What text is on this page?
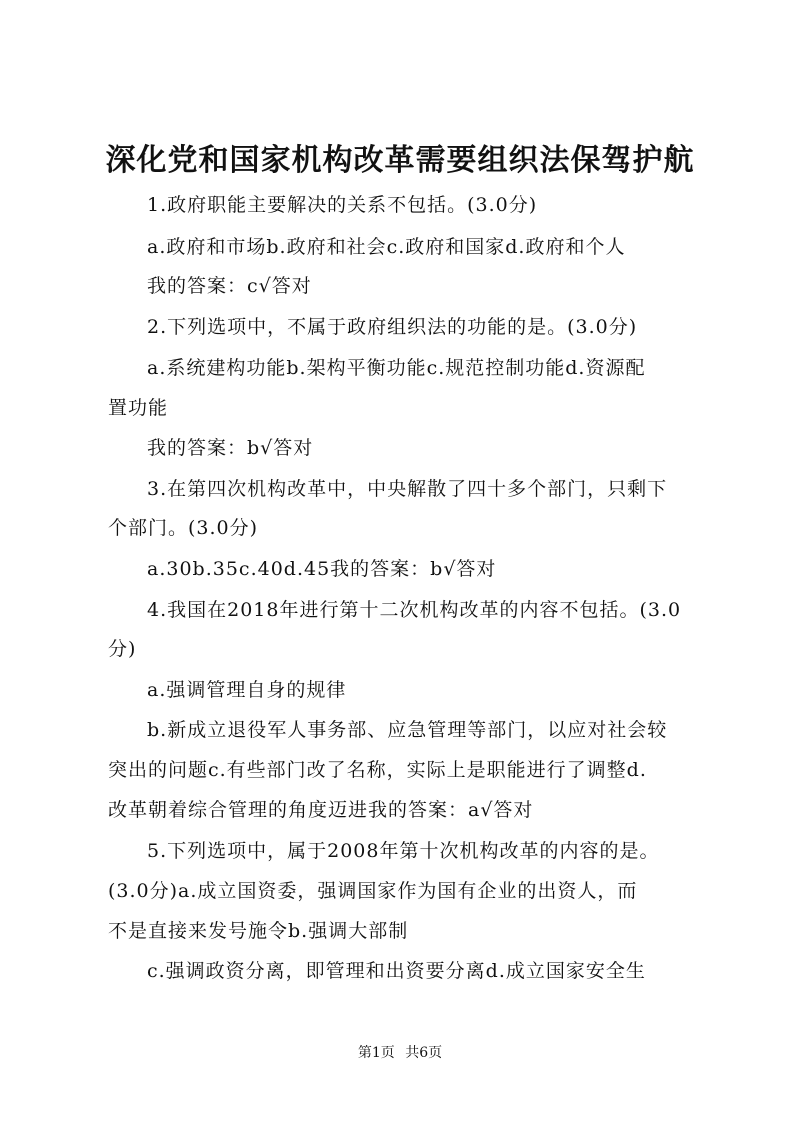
深化党和国家机构改革需要组织法保驾护航

1.政府职能主要解决的关系不包括。(3.0分)

a.政府和市场b.政府和社会c.政府和国家d.政府和个人

我的答案：c√答对

2.下列选项中，不属于政府组织法的功能的是。(3.0分)

a.系统建构功能b.架构平衡功能c.规范控制功能d.资源配

置功能

我的答案：b√答对

3.在第四次机构改革中，中央解散了四十多个部门，只剩下

个部门。(3.0分)

a.30b.35c.40d.45我的答案：b√答对

4.我国在2018年进行第十二次机构改革的内容不包括。(3.0

分)

a.强调管理自身的规律

b.新成立退役军人事务部、应急管理等部门，以应对社会较

突出的问题c.有些部门改了名称，实际上是职能进行了调整d.

改革朝着综合管理的角度迈进我的答案：a√答对

5.下列选项中，属于2008年第十次机构改革的内容的是。

(3.0分)a.成立国资委，强调国家作为国有企业的出资人，而

不是直接来发号施令b.强调大部制

c.强调政资分离，即管理和出资要分离d.成立国家安全生

第1页 共6页
